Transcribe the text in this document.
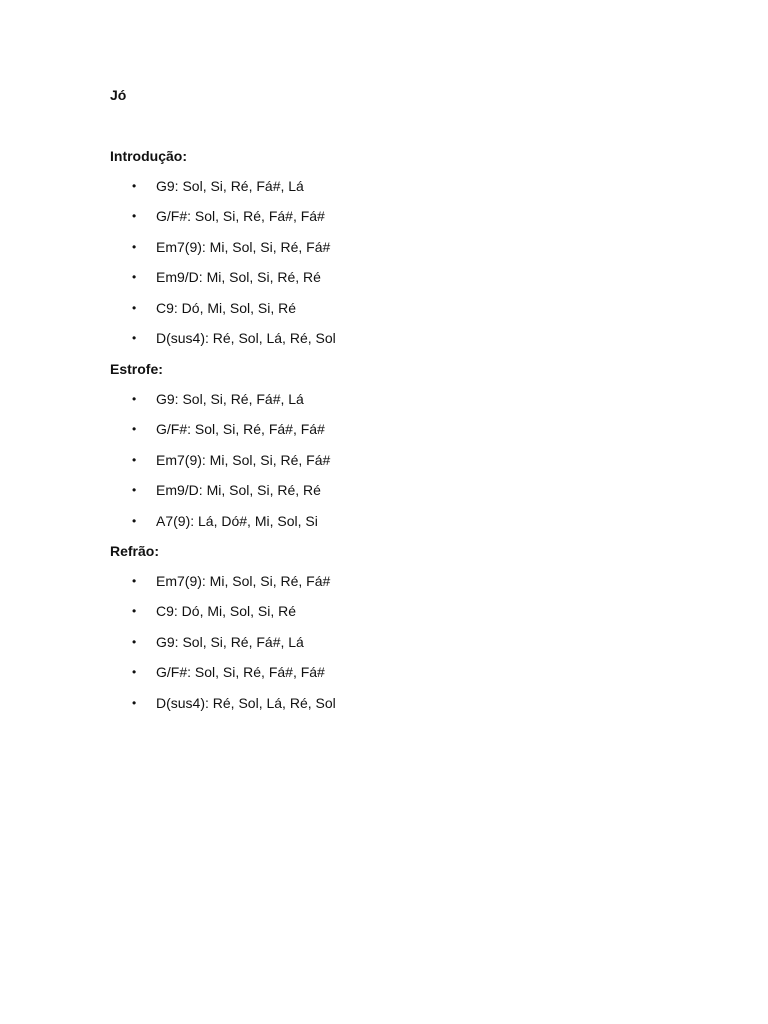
Jó
Introdução:
• G9: Sol, Si, Ré, Fá#, Lá
• G/F#: Sol, Si, Ré, Fá#, Fá#
• Em7(9): Mi, Sol, Si, Ré, Fá#
• Em9/D: Mi, Sol, Si, Ré, Ré
• C9: Dó, Mi, Sol, Si, Ré
• D(sus4): Ré, Sol, Lá, Ré, Sol
Estrofe:
• G9: Sol, Si, Ré, Fá#, Lá
• G/F#: Sol, Si, Ré, Fá#, Fá#
• Em7(9): Mi, Sol, Si, Ré, Fá#
• Em9/D: Mi, Sol, Si, Ré, Ré
• A7(9): Lá, Dó#, Mi, Sol, Si
Refrão:
• Em7(9): Mi, Sol, Si, Ré, Fá#
• C9: Dó, Mi, Sol, Si, Ré
• G9: Sol, Si, Ré, Fá#, Lá
• G/F#: Sol, Si, Ré, Fá#, Fá#
• D(sus4): Ré, Sol, Lá, Ré, Sol
